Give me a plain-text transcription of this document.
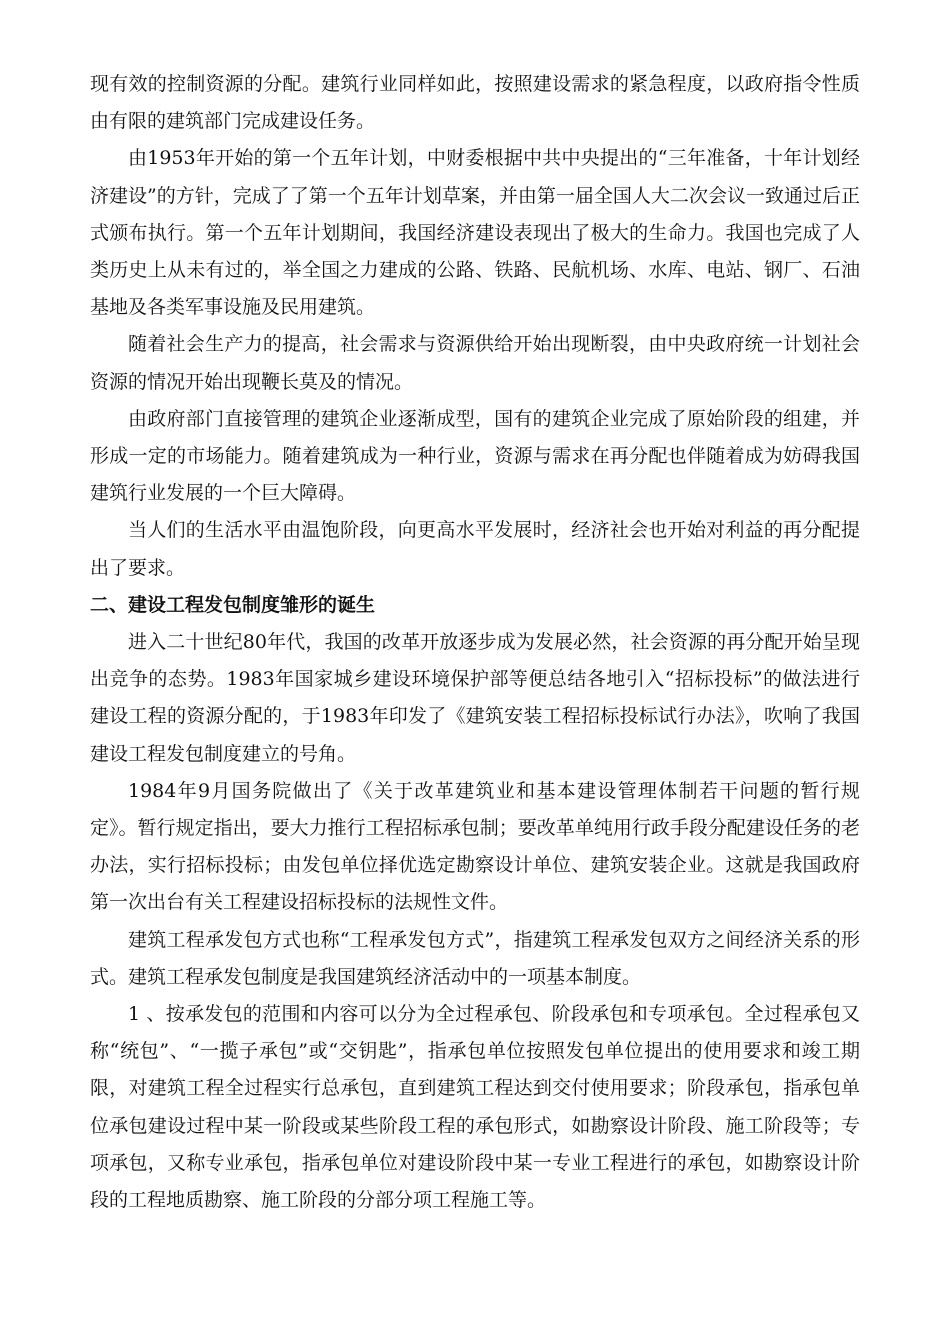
现有效的控制资源的分配。建筑行业同样如此，按照建设需求的紧急程度，以政府指令性质由有限的建筑部门完成建设任务。

由1953年开始的第一个五年计划，中财委根据中共中央提出的“三年准备，十年计划经济建设”的方针，完成了了第一个五年计划草案，并由第一届全国人大二次会议一致通过后正式颁布执行。第一个五年计划期间，我国经济建设表现出了极大的生命力。我国也完成了人类历史上从未有过的，举全国之力建成的公路、铁路、民航机场、水库、电站、钢厂、石油基地及各类军事设施及民用建筑。

随着社会生产力的提高，社会需求与资源供给开始出现断裂，由中央政府统一计划社会资源的情况开始出现鞭长莫及的情况。

由政府部门直接管理的建筑企业逐渐成型，国有的建筑企业完成了原始阶段的组建，并形成一定的市场能力。随着建筑成为一种行业，资源与需求在再分配也伴随着成为妨碍我国建筑行业发展的一个巨大障碍。

当人们的生活水平由温饱阶段，向更高水平发展时，经济社会也开始对利益的再分配提出了要求。

二、建设工程发包制度雏形的诞生

进入二十世纪80年代，我国的改革开放逐步成为发展必然，社会资源的再分配开始呈现出竞争的态势。1983年国家城乡建设环境保护部等便总结各地引入“招标投标”的做法进行建设工程的资源分配的，于1983年印发了《建筑安装工程招标投标试行办法》，吹响了我国建设工程发包制度建立的号角。

1984年9月国务院做出了《关于改革建筑业和基本建设管理体制若干问题的暂行规定》。暂行规定指出，要大力推行工程招标承包制；要改革单纯用行政手段分配建设任务的老办法，实行招标投标；由发包单位择优选定勘察设计单位、建筑安装企业。这就是我国政府第一次出台有关工程建设招标投标的法规性文件。

建筑工程承发包方式也称“工程承发包方式”，指建筑工程承发包双方之间经济关系的形式。建筑工程承发包制度是我国建筑经济活动中的一项基本制度。

1 、按承发包的范围和内容可以分为全过程承包、阶段承包和专项承包。全过程承包又称“统包”、“一揽子承包”或“交钥匙”，指承包单位按照发包单位提出的使用要求和竣工期限，对建筑工程全过程实行总承包，直到建筑工程达到交付使用要求；阶段承包，指承包单位承包建设过程中某一阶段或某些阶段工程的承包形式，如勘察设计阶段、施工阶段等；专项承包，又称专业承包，指承包单位对建设阶段中某一专业工程进行的承包，如勘察设计阶段的工程地质勘察、施工阶段的分部分项工程施工等。
